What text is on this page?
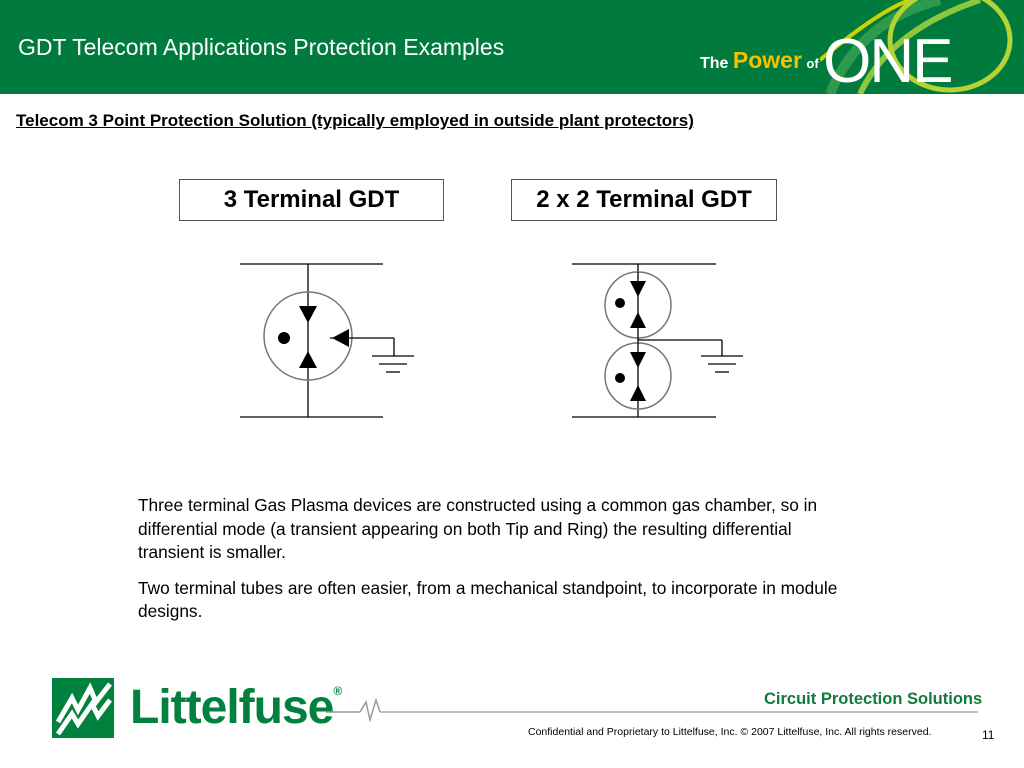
GDT Telecom Applications Protection Examples
The Power of ONE
Telecom 3 Point Protection Solution (typically employed in outside plant protectors)
3 Terminal GDT	2 x 2 Terminal GDT

Three terminal Gas Plasma devices are constructed using a common gas chamber, so in differential mode (a transient appearing on both Tip and Ring) the resulting differential transient is smaller.

Two terminal tubes are often easier, from a mechanical standpoint, to incorporate in module designs.

Littelfuse®	Circuit Protection Solutions
Confidential and Proprietary to Littelfuse, Inc. © 2007 Littelfuse, Inc. All rights reserved.	11
